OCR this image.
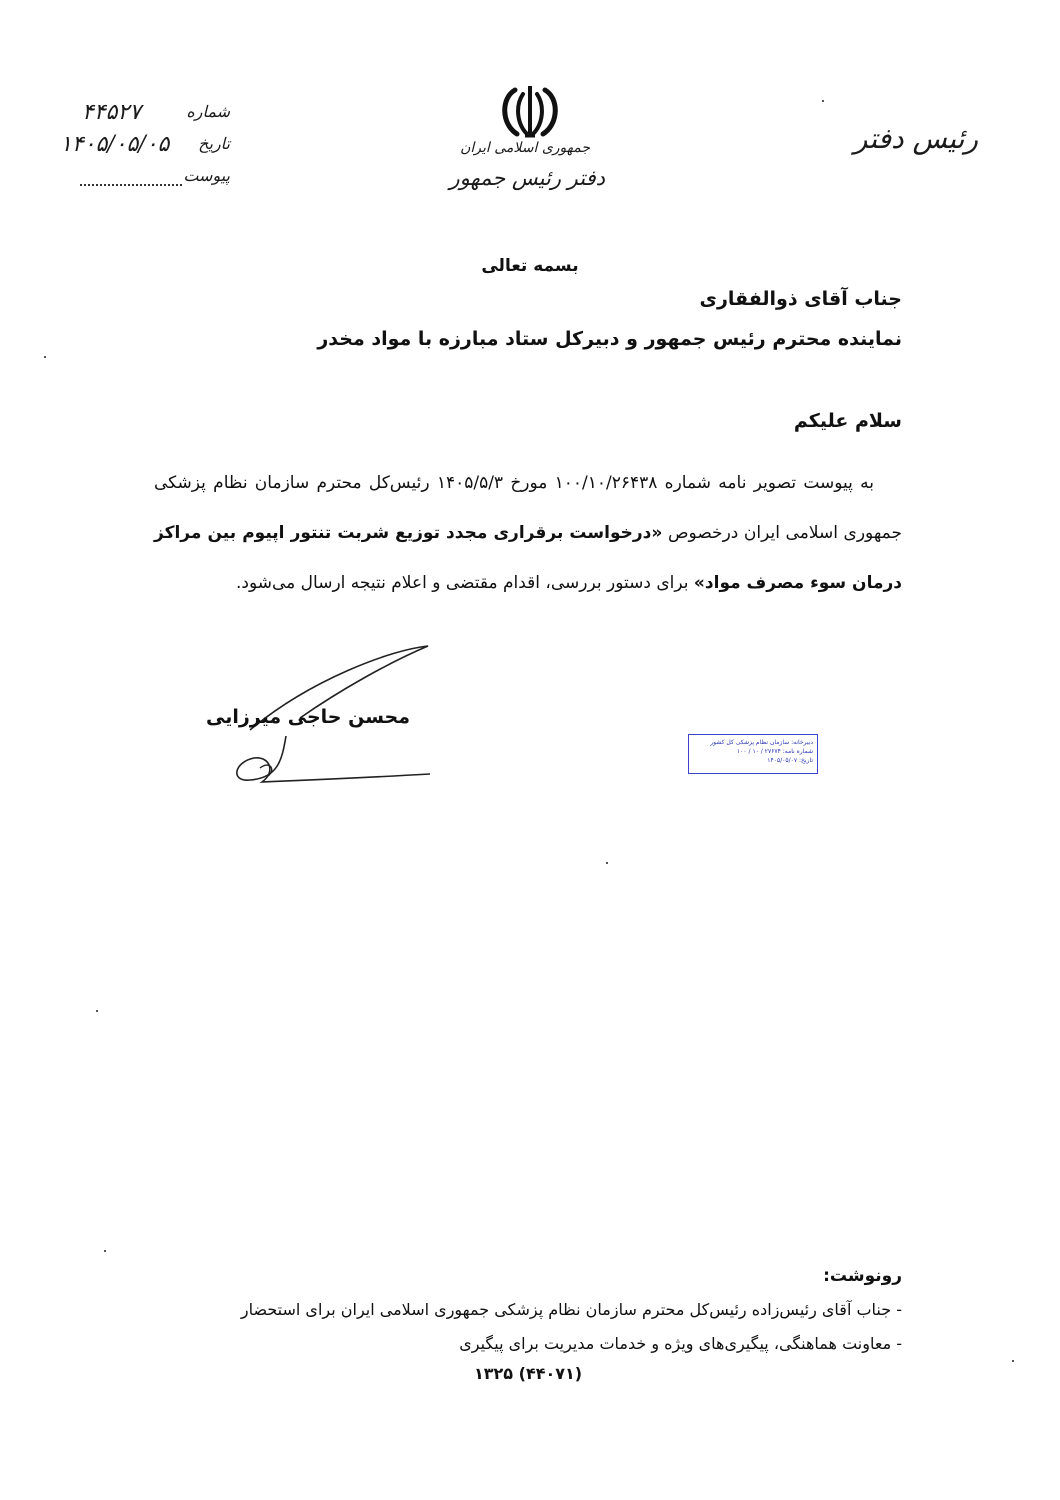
جمهوری اسلامی ایران
دفتر رئیس جمهور
رئیس دفتر
شماره
۴۴۵۲۷
تاریخ
۱۴۰۵/۰۵/۰۵
پیوست
بسمه تعالی
جناب آقای ذوالفقاری
نماینده محترم رئیس جمهور و دبیرکل ستاد مبارزه با مواد مخدر
سلام علیکم
به پیوست تصویر نامه شماره ۱۰۰/۱۰/۲۶۴۳۸ مورخ ۱۴۰۵/۵/۳ رئیس‌کل محترم سازمان نظام پزشکی جمهوری اسلامی ایران درخصوص «درخواست برقراری مجدد توزیع شربت تنتور اپیوم بین مراکز درمان سوء مصرف مواد» برای دستور بررسی، اقدام مقتضی و اعلام نتیجه ارسال می‌شود.
محسن حاجی میرزایی
دبیرخانه: سازمان نظام پزشکی کل کشور
شماره نامه: ۲۷۶۷۴ / ۱۰ / ۱۰۰
تاریخ: ۱۴۰۵/۰۵/۰۷
رونوشت:
- جناب آقای رئیس‌زاده رئیس‌کل محترم سازمان نظام پزشکی جمهوری اسلامی ایران برای استحضار
- معاونت هماهنگی، پیگیری‌های ویژه و خدمات مدیریت برای پیگیری
(۴۴۰۷۱) ۱۳۲۵
